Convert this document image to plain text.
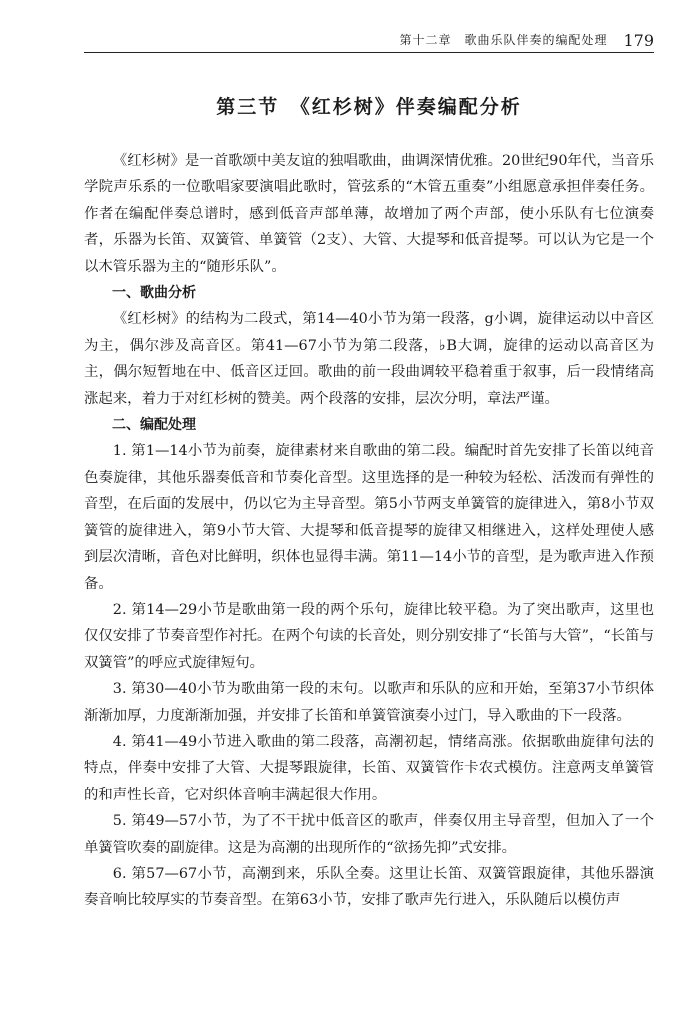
第十二章　歌曲乐队伴奏的编配处理 179
第三节　《红杉树》伴奏编配分析

《红杉树》是一首歌颂中美友谊的独唱歌曲，曲调深情优雅。20世纪90年代，当音乐学院声乐系的一位歌唱家要演唱此歌时，管弦系的“木管五重奏”小组愿意承担伴奏任务。作者在编配伴奏总谱时，感到低音声部单薄，故增加了两个声部，使小乐队有七位演奏者，乐器为长笛、双簧管、单簧管（2支）、大管、大提琴和低音提琴。可以认为它是一个以木管乐器为主的“随形乐队”。

一、歌曲分析

《红杉树》的结构为二段式，第14—40小节为第一段落，g小调，旋律运动以中音区为主，偶尔涉及高音区。第41—67小节为第二段落，♭B大调，旋律的运动以高音区为主，偶尔短暂地在中、低音区迂回。歌曲的前一段曲调较平稳着重于叙事，后一段情绪高涨起来，着力于对红杉树的赞美。两个段落的安排，层次分明，章法严谨。

二、编配处理

1. 第1—14小节为前奏，旋律素材来自歌曲的第二段。编配时首先安排了长笛以纯音色奏旋律，其他乐器奏低音和节奏化音型。这里选择的是一种较为轻松、活泼而有弹性的音型，在后面的发展中，仍以它为主导音型。第5小节两支单簧管的旋律进入，第8小节双簧管的旋律进入，第9小节大管、大提琴和低音提琴的旋律又相继进入，这样处理使人感到层次清晰，音色对比鲜明，织体也显得丰满。第11—14小节的音型，是为歌声进入作预备。

2. 第14—29小节是歌曲第一段的两个乐句，旋律比较平稳。为了突出歌声，这里也仅仅安排了节奏音型作衬托。在两个句读的长音处，则分别安排了“长笛与大管”，“长笛与双簧管”的呼应式旋律短句。

3. 第30—40小节为歌曲第一段的末句。以歌声和乐队的应和开始，至第37小节织体渐渐加厚，力度渐渐加强，并安排了长笛和单簧管演奏小过门，导入歌曲的下一段落。

4. 第41—49小节进入歌曲的第二段落，高潮初起，情绪高涨。依据歌曲旋律句法的特点，伴奏中安排了大管、大提琴跟旋律，长笛、双簧管作卡农式模仿。注意两支单簧管的和声性长音，它对织体音响丰满起很大作用。

5. 第49—57小节，为了不干扰中低音区的歌声，伴奏仅用主导音型，但加入了一个单簧管吹奏的副旋律。这是为高潮的出现所作的“欲扬先抑”式安排。

6. 第57—67小节，高潮到来，乐队全奏。这里让长笛、双簧管跟旋律，其他乐器演奏音响比较厚实的节奏音型。在第63小节，安排了歌声先行进入，乐队随后以模仿声
